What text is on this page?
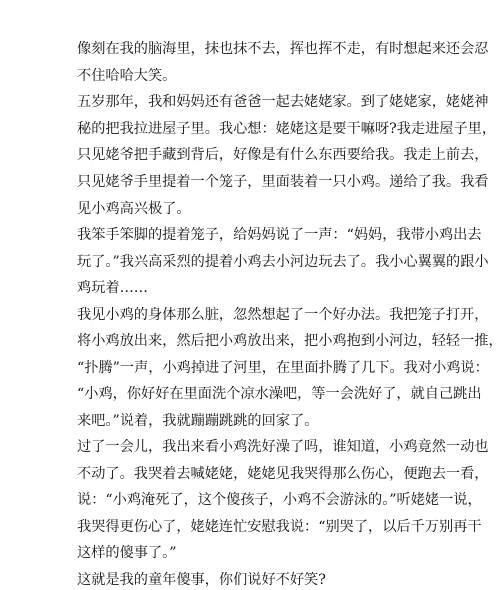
像刻在我的脑海里，抹也抹不去，挥也挥不走，有时想起来还会忍
不住哈哈大笑。
五岁那年，我和妈妈还有爸爸一起去姥姥家。到了姥姥家，姥姥神
秘的把我拉进屋子里。我心想：姥姥这是要干嘛呀?我走进屋子里，
只见姥爷把手藏到背后，好像是有什么东西要给我。我走上前去，
只见姥爷手里提着一个笼子，里面装着一只小鸡。递给了我。我看
见小鸡高兴极了。
我笨手笨脚的提着笼子，给妈妈说了一声：“妈妈，我带小鸡出去
玩了。”我兴高采烈的提着小鸡去小河边玩去了。我小心翼翼的跟小
鸡玩着……
我见小鸡的身体那么脏，忽然想起了一个好办法。我把笼子打开，
将小鸡放出来，然后把小鸡放出来，把小鸡抱到小河边，轻轻一推，
“扑腾”一声，小鸡掉进了河里，在里面扑腾了几下。我对小鸡说：
“小鸡，你好好在里面洗个凉水澡吧，等一会洗好了，就自己跳出
来吧。”说着，我就蹦蹦跳跳的回家了。
过了一会儿，我出来看小鸡洗好澡了吗，谁知道，小鸡竟然一动也
不动了。我哭着去喊姥姥，姥姥见我哭得那么伤心，便跑去一看，
说：“小鸡淹死了，这个傻孩子，小鸡不会游泳的。”听姥姥一说，
我哭得更伤心了，姥姥连忙安慰我说：“别哭了，以后千万别再干
这样的傻事了。”
这就是我的童年傻事，你们说好不好笑?
